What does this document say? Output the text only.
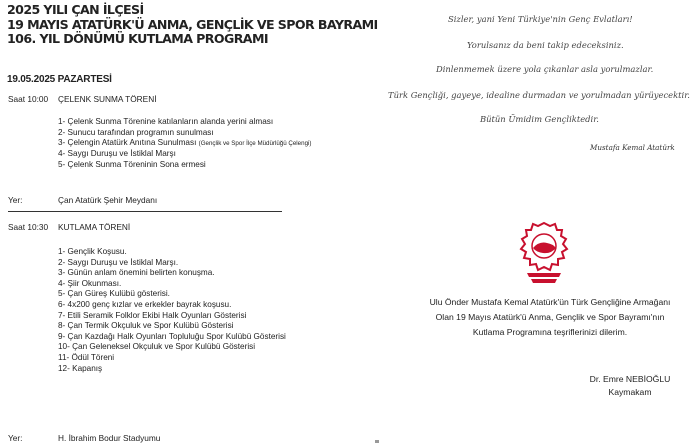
2025 YILI ÇAN İLÇESİ
19 MAYIS ATATÜRK'Ü ANMA, GENÇLİK VE SPOR BAYRAMI
106. YIL DÖNÜMÜ KUTLAMA PROGRAMI
19.05.2025 PAZARTESİ
Saat 10:00 ÇELENK SUNMA TÖRENİ
1- Çelenk Sunma Törenine katılanların alanda yerini alması
2- Sunucu tarafından programın sunulması
3- Çelengin Atatürk Anıtına Sunulması (Gençlik ve Spor İlçe Müdürlüğü Çelengi)
4- Saygı Duruşu ve İstiklal Marşı
5- Çelenk Sunma Töreninin Sona ermesi
Yer:	Çan Atatürk Şehir Meydanı
Saat 10:30 KUTLAMA TÖRENİ
1- Gençlik Koşusu.
2- Saygı Duruşu ve İstiklal Marşı.
3- Günün anlam önemini belirten konuşma.
4- Şiir Okunması.
5- Çan Güreş Kulübü gösterisi.
6- 4x200 genç kızlar ve erkekler bayrak koşusu.
7- Etili Seramik Folklor Ekibi Halk Oyunları Gösterisi
8- Çan Termik Okçuluk ve Spor Kulübü Gösterisi
9- Çan Kazdağı Halk Oyunları Topluluğu Spor Kulübü Gösterisi
10- Çan Geleneksel Okçuluk ve Spor Kulübü Gösterisi
11- Ödül Töreni
12- Kapanış
Yer:	H. İbrahim Bodur Stadyumu
Sizler, yani Yeni Türkiye'nin Genç Evlatları!
Yorulsanız da beni takip edeceksiniz.
Dinlenmemek üzere yola çıkanlar asla yorulmazlar.
Türk Gençliği, gayeye, idealine durmadan ve yorulmadan yürüyecektir.
Bütün Ümidim Gençliktedir.
Mustafa Kemal Atatürk
Ulu Önder Mustafa Kemal Atatürk'ün Türk Gençliğine Armağanı
Olan 19 Mayıs Atatürk'ü Anma, Gençlik ve Spor Bayramı'nın
Kutlama Programına teşriflerinizi dilerim.
Dr. Emre NEBİOĞLU
Kaymakam
